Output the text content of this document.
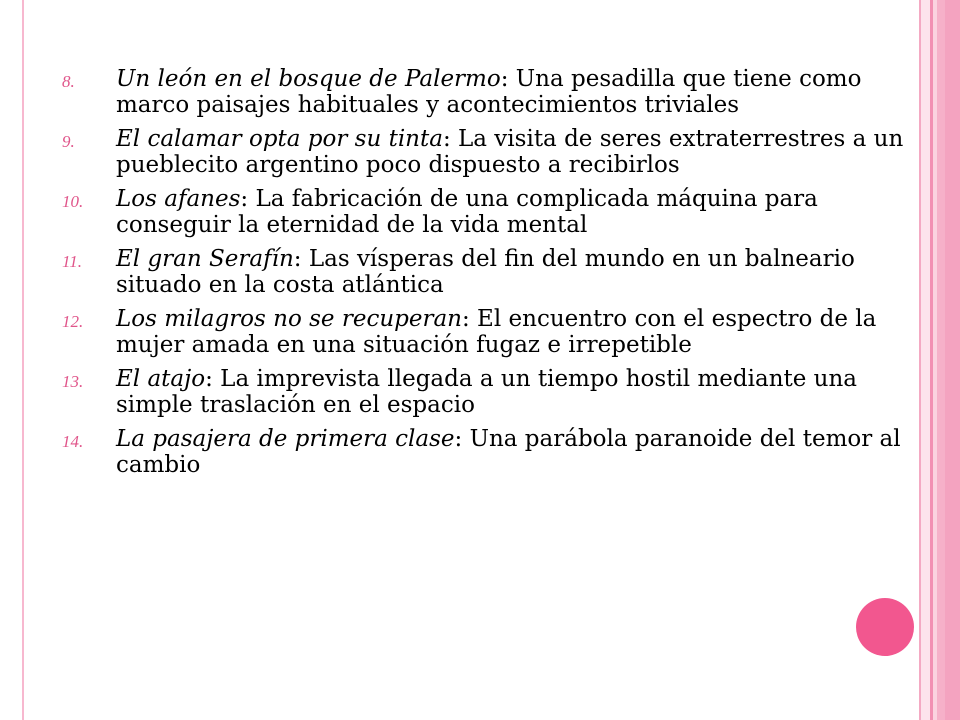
8. Un león en el bosque de Palermo: Una pesadilla que tiene como marco paisajes habituales y acontecimientos triviales
9. El calamar opta por su tinta: La visita de seres extraterrestres a un pueblecito argentino poco dispuesto a recibirlos
10. Los afanes: La fabricación de una complicada máquina para conseguir la eternidad de la vida mental
11. El gran Serafín: Las vísperas del fin del mundo en un balneario situado en la costa atlántica
12. Los milagros no se recuperan: El encuentro con el espectro de la mujer amada en una situación fugaz e irrepetible
13. El atajo: La imprevista llegada a un tiempo hostil mediante una simple traslación en el espacio
14. La pasajera de primera clase: Una parábola paranoide del temor al cambio
